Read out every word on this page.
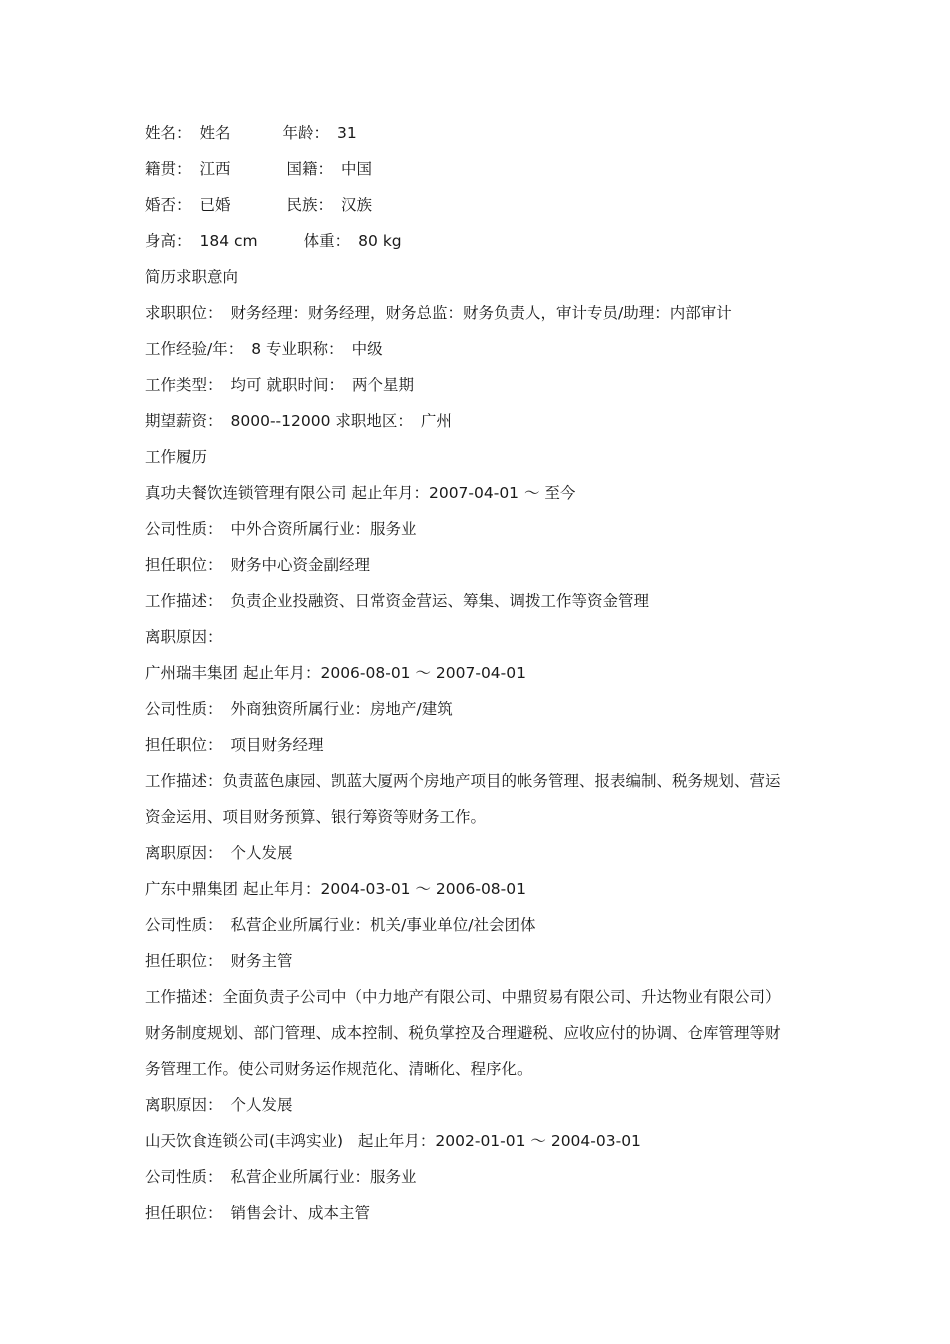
姓名： 姓名	年龄： 31
籍贯： 江西	国籍： 中国
婚否： 已婚	民族： 汉族
身高： 184 cm	体重： 80 kg
简历求职意向
求职职位： 财务经理：财务经理，财务总监：财务负责人，审计专员/助理：内部审计
工作经验/年： 8 专业职称： 中级
工作类型： 均可 就职时间： 两个星期
期望薪资： 8000--12000 求职地区： 广州
工作履历
真功夫餐饮连锁管理有限公司 起止年月：2007-04-01 ～ 至今
公司性质： 中外合资所属行业：服务业
担任职位： 财务中心资金副经理
工作描述： 负责企业投融资、日常资金营运、筹集、调拨工作等资金管理
离职原因：
广州瑞丰集团 起止年月：2006-08-01 ～ 2007-04-01
公司性质： 外商独资所属行业：房地产/建筑
担任职位： 项目财务经理
工作描述：负责蓝色康园、凯蓝大厦两个房地产项目的帐务管理、报表编制、税务规划、营运
资金运用、项目财务预算、银行筹资等财务工作。
离职原因： 个人发展
广东中鼎集团 起止年月：2004-03-01 ～ 2006-08-01
公司性质： 私营企业所属行业：机关/事业单位/社会团体
担任职位： 财务主管
工作描述：全面负责子公司中（中力地产有限公司、中鼎贸易有限公司、升达物业有限公司）
财务制度规划、部门管理、成本控制、税负掌控及合理避税、应收应付的协调、仓库管理等财
务管理工作。使公司财务运作规范化、清晰化、程序化。
离职原因： 个人发展
山天饮食连锁公司(丰鸿实业) 起止年月：2002-01-01 ～ 2004-03-01
公司性质： 私营企业所属行业：服务业
担任职位： 销售会计、成本主管
